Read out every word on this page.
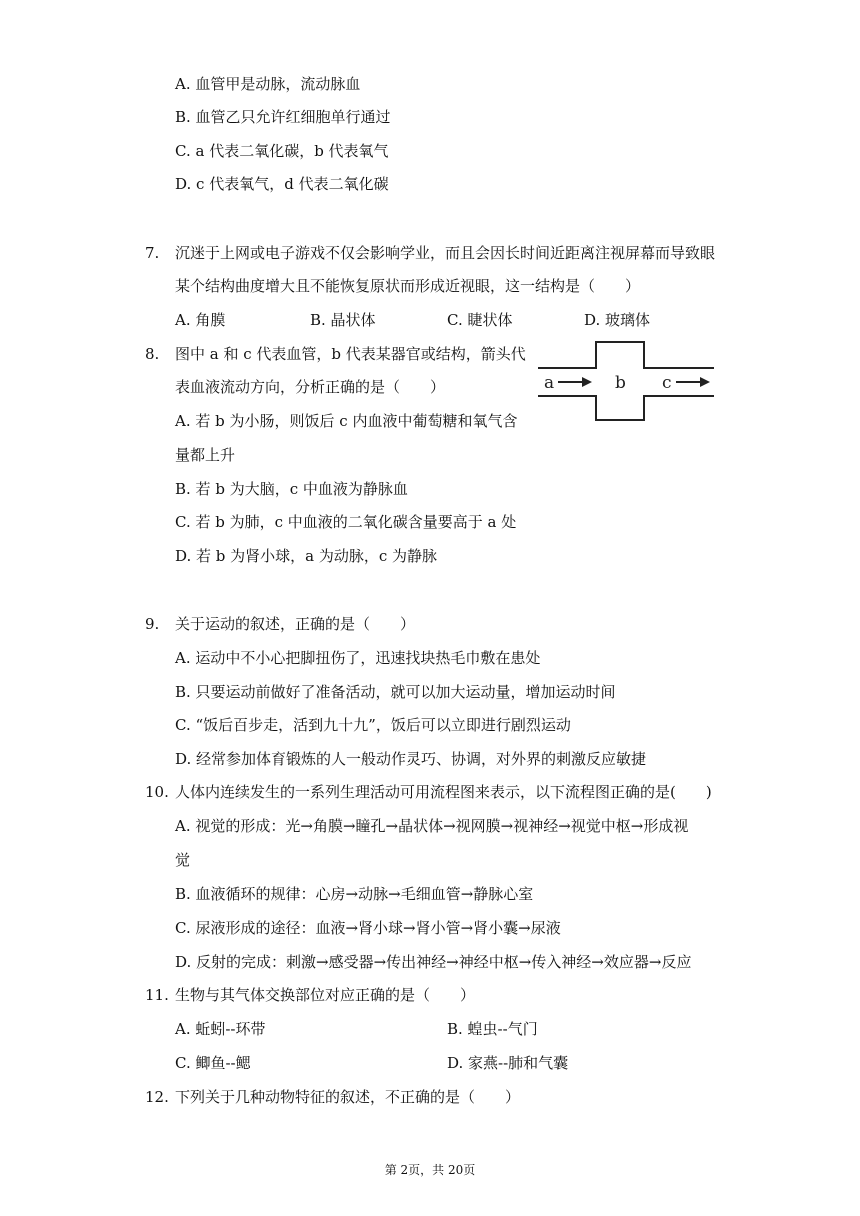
A. 血管甲是动脉，流动脉血
B. 血管乙只允许红细胞单行通过
C. a 代表二氧化碳，b 代表氧气
D. c 代表氧气，d 代表二氧化碳
7. 沉迷于上网或电子游戏不仅会影响学业，而且会因长时间近距离注视屏幕而导致眼
某个结构曲度增大且不能恢复原状而形成近视眼，这一结构是（　　）
A. 角膜	B. 晶状体	C. 睫状体	D. 玻璃体
8. 图中 a 和 c 代表血管，b 代表某器官或结构，箭头代
表血液流动方向，分析正确的是（　　）
A. 若 b 为小肠，则饭后 c 内血液中葡萄糖和氧气含
量都上升
B. 若 b 为大脑，c 中血液为静脉血
C. 若 b 为肺，c 中血液的二氧化碳含量要高于 a 处
D. 若 b 为肾小球，a 为动脉，c 为静脉
a	b c
9. 关于运动的叙述，正确的是（　　）
A. 运动中不小心把脚扭伤了，迅速找块热毛巾敷在患处
B. 只要运动前做好了准备活动，就可以加大运动量，增加运动时间
C. “饭后百步走，活到九十九”，饭后可以立即进行剧烈运动
D. 经常参加体育锻炼的人一般动作灵巧、协调，对外界的刺激反应敏捷
10. 人体内连续发生的一系列生理活动可用流程图来表示，以下流程图正确的是(　　)
A. 视觉的形成：光→角膜→瞳孔→晶状体→视网膜→视神经→视觉中枢→形成视
觉
B. 血液循环的规律：心房→动脉→毛细血管→静脉心室
C. 尿液形成的途径：血液→肾小球→肾小管→肾小囊→尿液
D. 反射的完成：刺激→感受器→传出神经→神经中枢→传入神经→效应器→反应
11. 生物与其气体交换部位对应正确的是（　　）
A. 蚯蚓--环带	B. 蝗虫--气门
C. 鲫鱼--鳃	D. 家燕--肺和气囊
12. 下列关于几种动物特征的叙述，不正确的是（　　）
第 2页，共 20页
